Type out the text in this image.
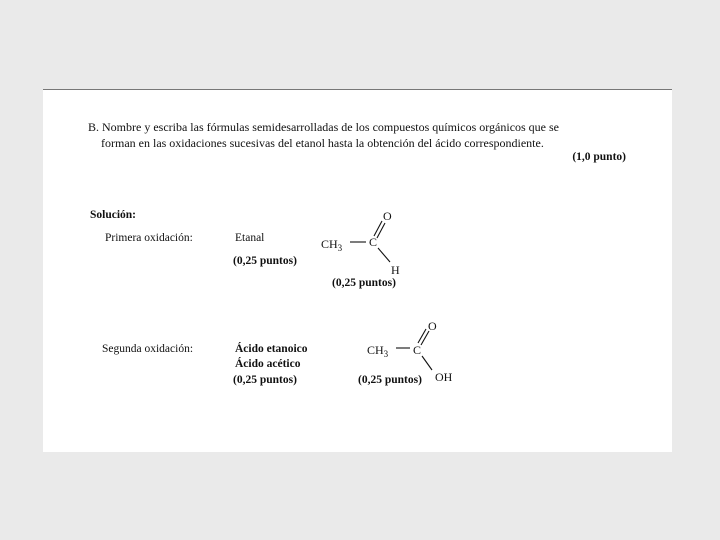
B. Nombre y escriba las fórmulas semidesarrolladas de los compuestos químicos orgánicos que se
forman en las oxidaciones sucesivas del etanol hasta la obtención del ácido correspondiente.
(1,0 punto)
Solución:
Primera oxidación:	Etanal
(0,25 puntos)
$CH_3$ C
O
H
(0,25 puntos)
Segunda oxidación:	Ácido etanoico
Ácido acético
(0,25 puntos)
$CH_3$ C
O
OH
(0,25 puntos)
